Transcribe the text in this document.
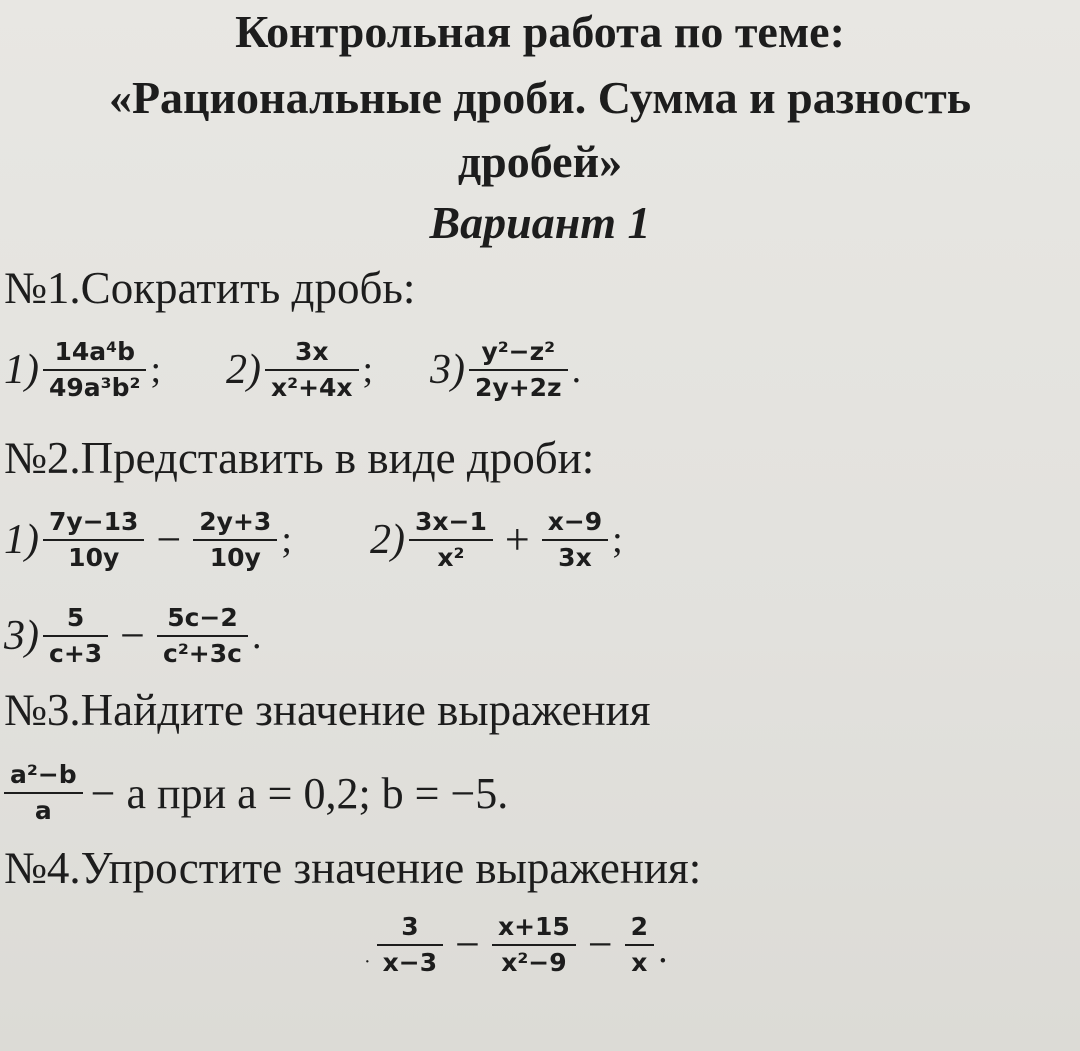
Контрольная работа по теме:
«Рациональные дроби. Сумма и разность
дробей»
Вариант 1
№1.Сократить дробь:
$1) \frac{\text{14a⁴b}}{\text{49a³b²}}$ ; $2) \frac{3x}{\text{x²+4x}}$ ; $3) \frac{\text{y²−z²}}{2y+2z}$ .
№2.Представить в виде дроби:
$1) \frac{7y-13}{10y} - \frac{2y+3}{10y}$ ; $2) \frac{3x-1}{\text{x²}} + \frac{x-9}{3x}$ ;
$3) \frac{5}{c+3} - \frac{5c-2}{\text{c²+3c}}$ .
№3.Найдите значение выражения
$\frac{\text{a²−b}}{a} - a$ при a = 0,2; b = −5.
№4.Упростите значение выражения:
· $\frac{3}{x-3} - \frac{x+15}{\text{x²−9}} - \frac{2}{x}$ .
